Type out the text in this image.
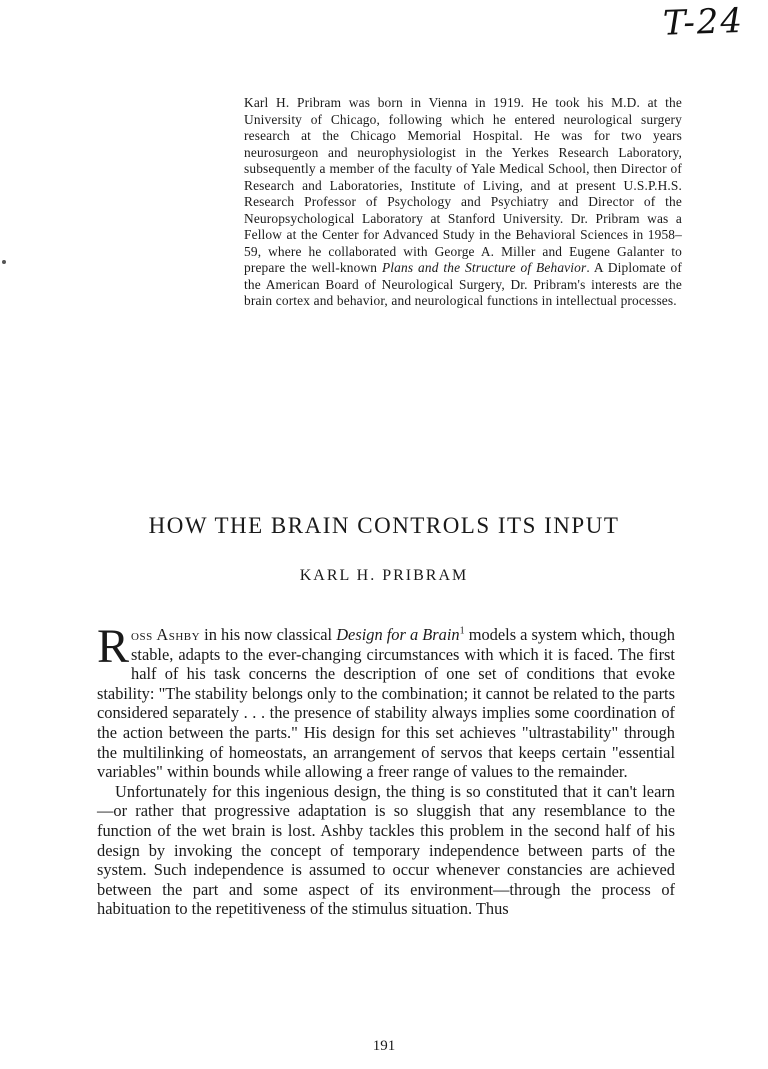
T-24

Karl H. Pribram was born in Vienna in 1919. He took his M.D. at the University of Chicago, following which he entered neurological surgery research at the Chicago Memorial Hospital. He was for two years neurosurgeon and neurophysiologist in the Yerkes Research Laboratory, subsequently a member of the faculty of Yale Medical School, then Director of Research and Laboratories, Institute of Living, and at present U.S.P.H.S. Research Professor of Psychology and Psychiatry and Director of the Neuropsychological Laboratory at Stanford University. Dr. Pribram was a Fellow at the Center for Advanced Study in the Behavioral Sciences in 1958–59, where he collaborated with George A. Miller and Eugene Galanter to prepare the well-known Plans and the Structure of Behavior. A Diplomate of the American Board of Neurological Surgery, Dr. Pribram's interests are the brain cortex and behavior, and neurological functions in intellectual processes.

HOW THE BRAIN CONTROLS ITS INPUT
KARL H. PRIBRAM

Ross Ashby in his now classical Design for a Brain$^1$ models a system which, though stable, adapts to the ever-changing circumstances with which it is faced. The first half of his task concerns the description of one set of conditions that evoke stability: "The stability belongs only to the combination; it cannot be related to the parts considered separately . . . the presence of stability always implies some coordination of the action between the parts." His design for this set achieves "ultrastability" through the multilinking of homeostats, an arrangement of servos that keeps certain "essential variables" within bounds while allowing a freer range of values to the remainder.

Unfortunately for this ingenious design, the thing is so constituted that it can't learn—or rather that progressive adaptation is so sluggish that any resemblance to the function of the wet brain is lost. Ashby tackles this problem in the second half of his design by invoking the concept of temporary independence between parts of the system. Such independence is assumed to occur whenever constancies are achieved between the part and some aspect of its environment—through the process of habituation to the repetitiveness of the stimulus situation. Thus

191
